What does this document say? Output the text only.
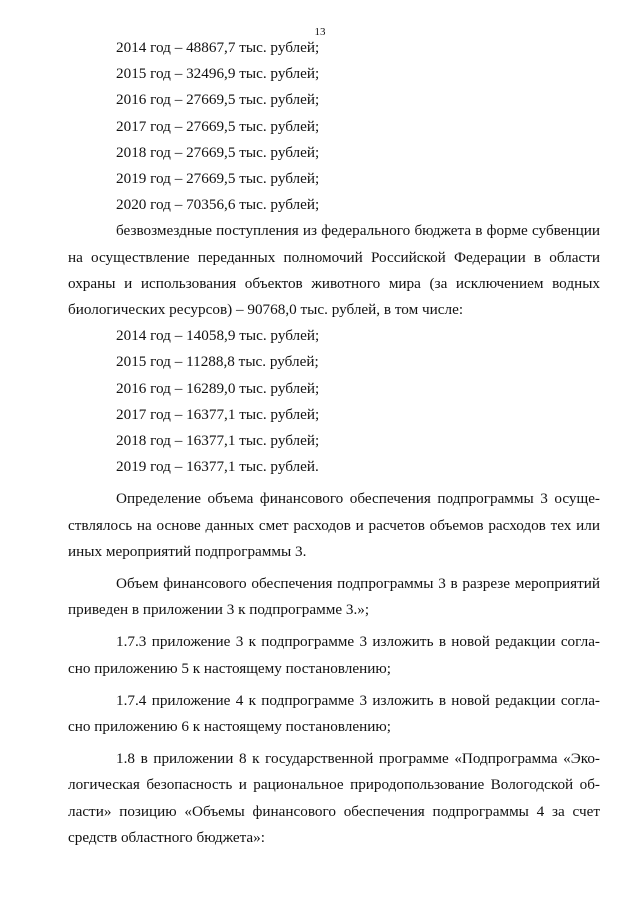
13
2014 год – 48867,7 тыс. рублей;
2015 год – 32496,9 тыс. рублей;
2016 год – 27669,5 тыс. рублей;
2017 год – 27669,5 тыс. рублей;
2018 год – 27669,5 тыс. рублей;
2019 год – 27669,5 тыс. рублей;
2020 год – 70356,6 тыс. рублей;
безвозмездные поступления из федерального бюджета в форме субвенции
на осуществление переданных полномочий Российской Федерации в области
охраны и использования объектов животного мира (за исключением водных
биологических ресурсов) – 90768,0 тыс. рублей, в том числе:
2014 год – 14058,9 тыс. рублей;
2015 год – 11288,8 тыс. рублей;
2016 год – 16289,0 тыс. рублей;
2017 год – 16377,1 тыс. рублей;
2018 год – 16377,1 тыс. рублей;
2019 год – 16377,1 тыс. рублей.
Определение объема финансового обеспечения подпрограммы 3 осуще-
ствлялось на основе данных смет расходов и расчетов объемов расходов тех или
иных мероприятий подпрограммы 3.
Объем финансового обеспечения подпрограммы 3 в разрезе мероприятий
приведен в приложении 3 к подпрограмме 3.»;
1.7.3 приложение 3 к подпрограмме 3 изложить в новой редакции согла-
сно приложению 5 к настоящему постановлению;
1.7.4 приложение 4 к подпрограмме 3 изложить в новой редакции согла-
сно приложению 6 к настоящему постановлению;
1.8 в приложении 8 к государственной программе «Подпрограмма «Эко-
логическая безопасность и рациональное природопользование Вологодской об-
ласти» позицию «Объемы финансового обеспечения подпрограммы 4 за счет
средств областного бюджета»:
